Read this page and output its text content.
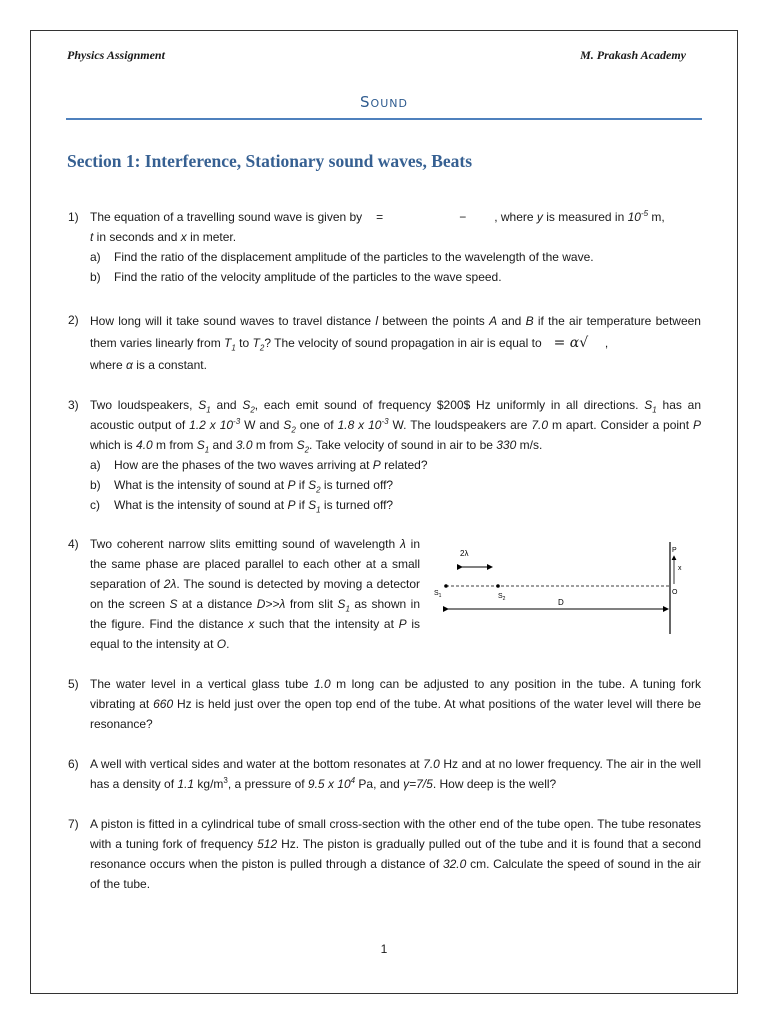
Physics Assignment	M. Prakash Academy
Sound
Section 1: Interference, Stationary sound waves, Beats
1) The equation of a travelling sound wave is given by =	− , where y is measured in $10^{-5}$ m,
t in seconds and x in meter.
a) Find the ratio of the displacement amplitude of the particles to the wavelength of the wave.
b) Find the ratio of the velocity amplitude of the particles to the wave speed.
2) How long will it take sound waves to travel distance l between the points A and B if the air temperature between them varies linearly from $T_1$ to $T_2$? The velocity of sound propagation in air is equal to = α√    ,
where α is a constant.
3) Two loudspeakers, $S_1$ and $S_2$, each emit sound of frequency $200$ Hz uniformly in all directions. $S_1$ has an acoustic output of 1.2 x $10^{-3}$ W and $S_2$ one of 1.8 x $10^{-3}$ W. The loudspeakers are 7.0 m apart. Consider a point P which is 4.0 m from $S_1$ and 3.0 m from $S_2$. Take velocity of sound in air to be 330 m/s.
a) How are the phases of the two waves arriving at P related?
b) What is the intensity of sound at P if $S_2$ is turned off?
c) What is the intensity of sound at P if $S_1$ is turned off?
4) Two coherent narrow slits emitting sound of wavelength λ in the same phase are placed parallel to each other at a small separation of 2λ. The sound is detected by moving a detector on the screen S at a distance D>>λ from slit $S_1$ as shown in the figure. Find the distance x such that the intensity at P is equal to the intensity at O.
2λ
$S_1$	$S_2$	D
P
x
O
5) The water level in a vertical glass tube 1.0 m long can be adjusted to any position in the tube. A tuning fork vibrating at 660 Hz is held just over the open top end of the tube. At what positions of the water level will there be resonance?
6) A well with vertical sides and water at the bottom resonates at 7.0 Hz and at no lower frequency. The air in the well has a density of 1.1 $kg/m^3$, a pressure of 9.5 x $10^4$ Pa, and γ=7/5. How deep is the well?
7) A piston is fitted in a cylindrical tube of small cross-section with the other end of the tube open. The tube resonates with a tuning fork of frequency 512 Hz. The piston is gradually pulled out of the tube and it is found that a second resonance occurs when the piston is pulled through a distance of 32.0 cm. Calculate the speed of sound in the air of the tube.
1
